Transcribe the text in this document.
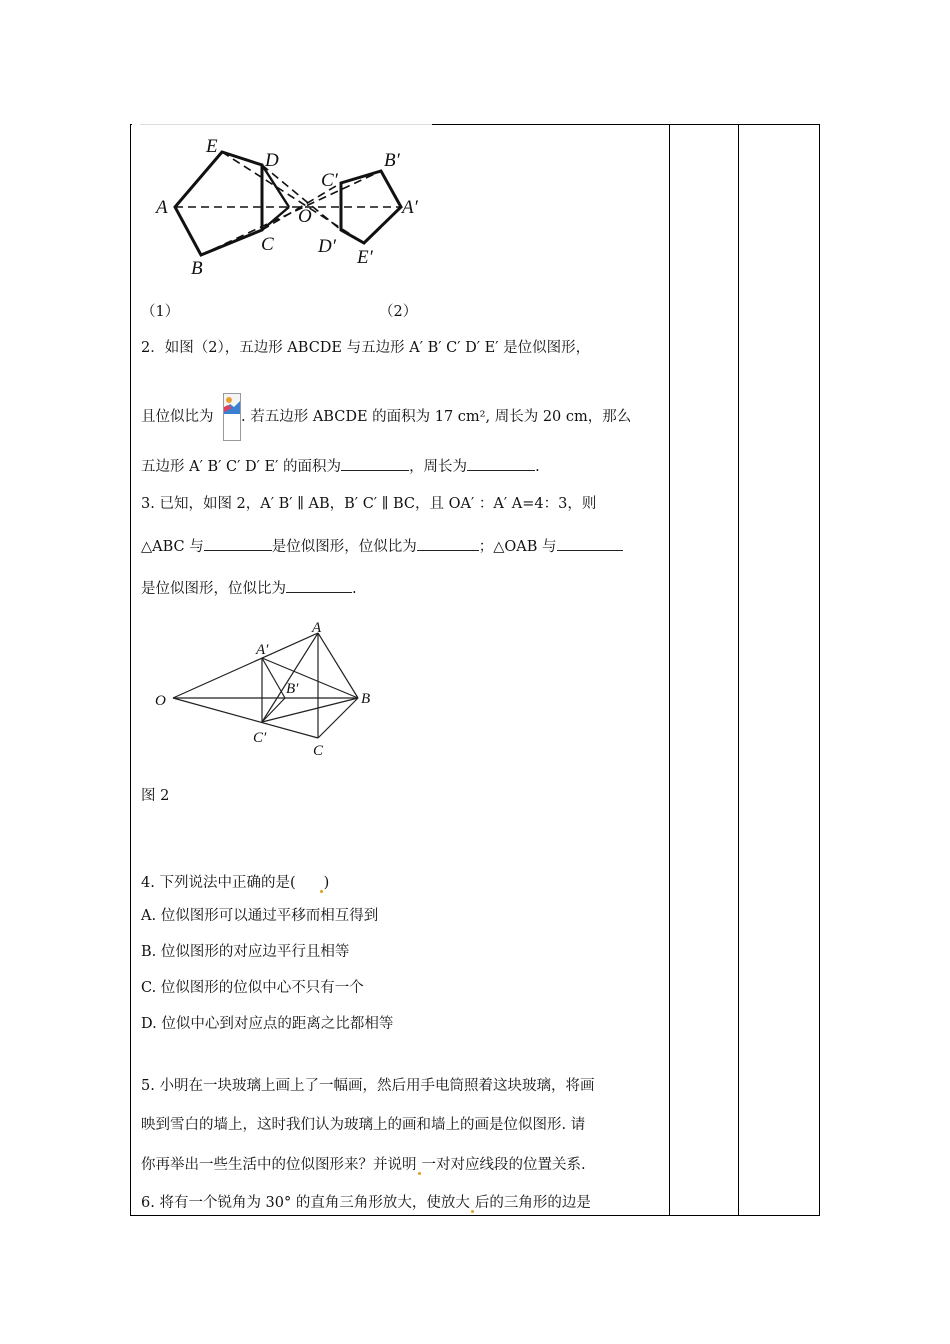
E
D
A
C
B
O
C′
B′
A′
D′
E′
（1）	（2）
2．如图（2），五边形 ABCDE 与五边形 A′ B′ C′ D′ E′ 是位似图形，
且位似比为 . 若五边形 ABCDE 的面积为 17 cm², 周长为 20 cm，那么
五边形 A′ B′ C′ D′ E′ 的面积为	，周长为	.
3. 已知，如图 2，A′ B′ ∥ AB，B′ C′ ∥ BC，且 OA′ ：A′ A=4：3，则
△ABC 与	是位似图形，位似比为	；△OAB 与
是位似图形，位似比为	.
A
A′
B′
B
O
C′
C
图 2
4. 下列说法中正确的是( )
A. 位似图形可以通过平移而相互得到
B. 位似图形的对应边平行且相等
C. 位似图形的位似中心不只有一个
D. 位似中心到对应点的距离之比都相等
5. 小明在一块玻璃上画上了一幅画，然后用手电筒照着这块玻璃，将画
映到雪白的墙上，这时我们认为玻璃上的画和墙上的画是位似图形. 请
你再举出一些生活中的位似图形来？并说明 一对对应线段的位置关系.
6. 将有一个锐角为 30° 的直角三角形放大，使放大 后的三角形的边是
